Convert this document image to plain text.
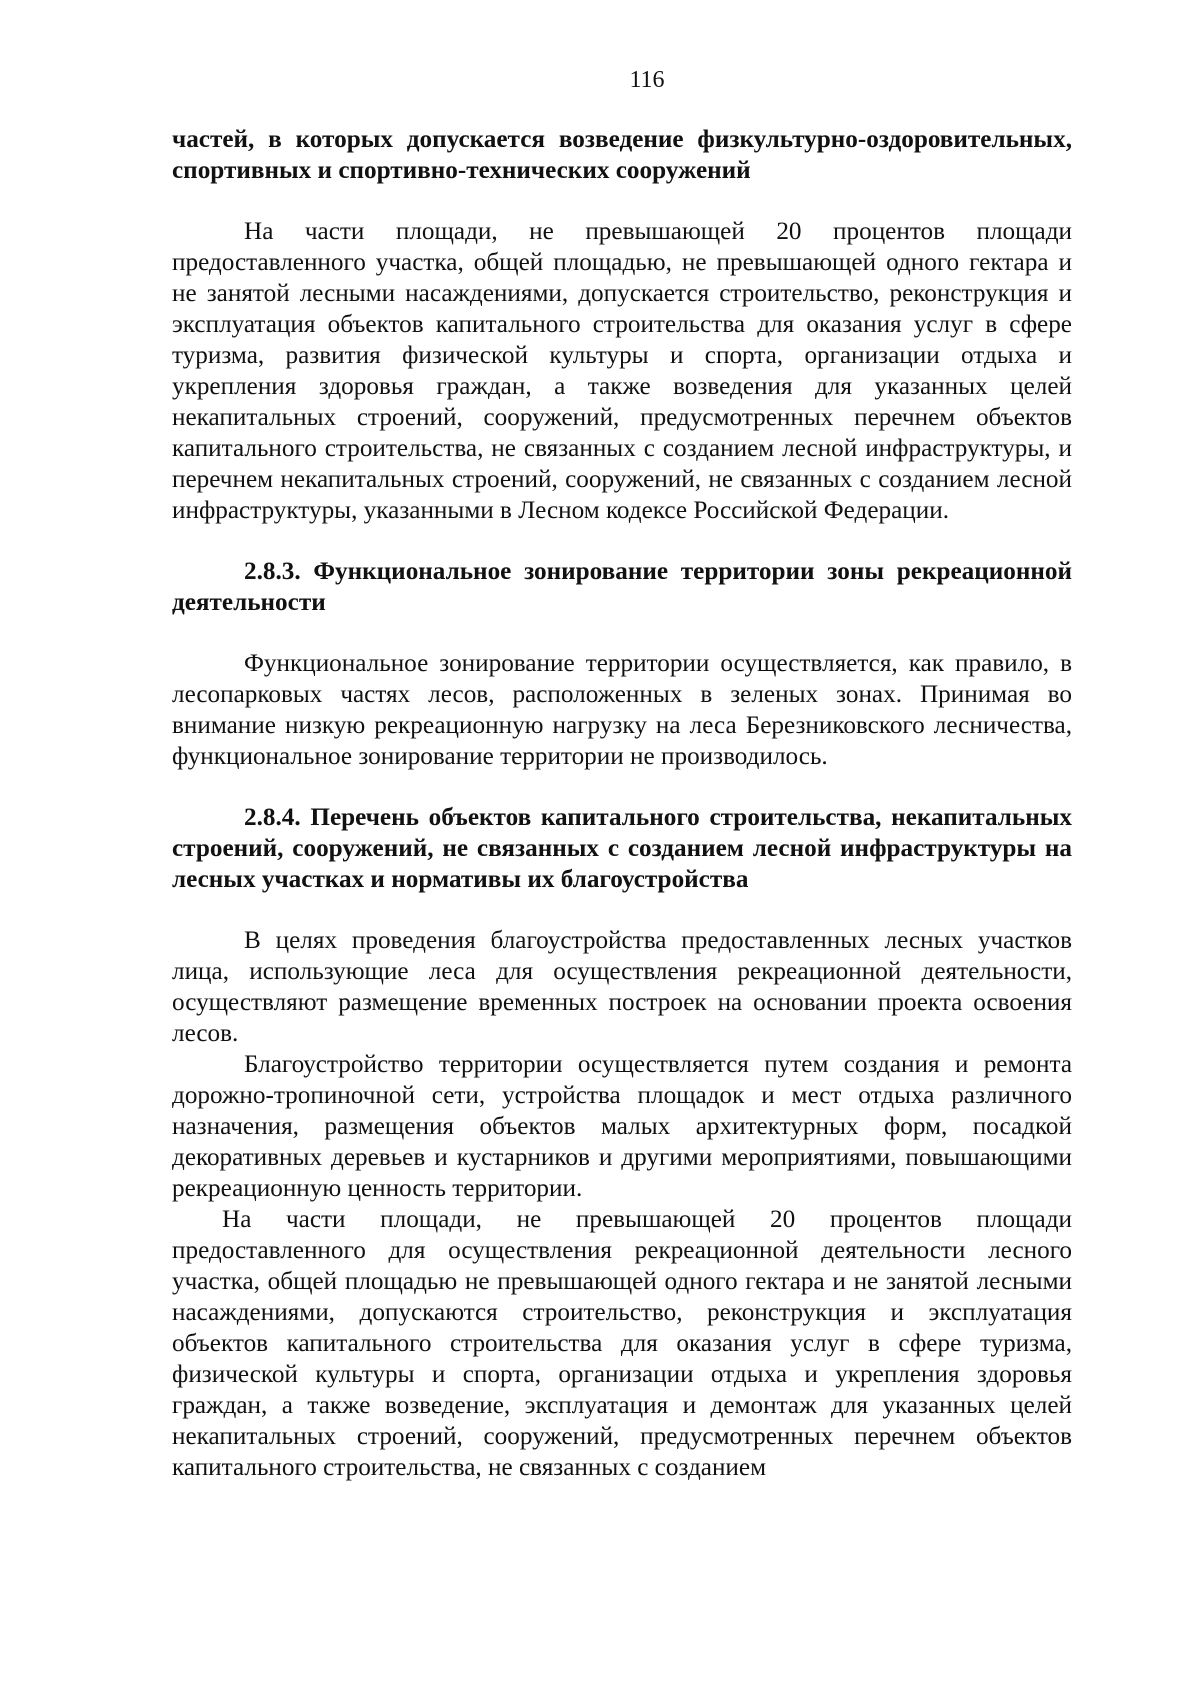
116

частей, в которых допускается возведение физкультурно-оздоровительных, спортивных и спортивно-технических сооружений

На части площади, не превышающей 20 процентов площади предоставленного участка, общей площадью, не превышающей одного гектара и не занятой лесными насаждениями, допускается строительство, реконструкция и эксплуатация объектов капитального строительства для оказания услуг в сфере туризма, развития физической культуры и спорта, организации отдыха и укрепления здоровья граждан, а также возведения для указанных целей некапитальных строений, сооружений, предусмотренных перечнем объектов капитального строительства, не связанных с созданием лесной инфраструктуры, и перечнем некапитальных строений, сооружений, не связанных с созданием лесной инфраструктуры, указанными в Лесном кодексе Российской Федерации.

2.8.3. Функциональное зонирование территории зоны рекреационной деятельности

Функциональное зонирование территории осуществляется, как правило, в лесопарковых частях лесов, расположенных в зеленых зонах. Принимая во внимание низкую рекреационную нагрузку на леса Березниковского лесничества, функциональное зонирование территории не производилось.

2.8.4. Перечень объектов капитального строительства, некапитальных строений, сооружений, не связанных с созданием лесной инфраструктуры на лесных участках и нормативы их благоустройства

В целях проведения благоустройства предоставленных лесных участков лица, использующие леса для осуществления рекреационной деятельности, осуществляют размещение временных построек на основании проекта освоения лесов.

Благоустройство территории осуществляется путем создания и ремонта дорожно-тропиночной сети, устройства площадок и мест отдыха различного назначения, размещения объектов малых архитектурных форм, посадкой декоративных деревьев и кустарников и другими мероприятиями, повышающими рекреационную ценность территории.

На части площади, не превышающей 20 процентов площади предоставленного для осуществления рекреационной деятельности лесного участка, общей площадью не превышающей одного гектара и не занятой лесными насаждениями, допускаются строительство, реконструкция и эксплуатация объектов капитального строительства для оказания услуг в сфере туризма, физической культуры и спорта, организации отдыха и укрепления здоровья граждан, а также возведение, эксплуатация и демонтаж для указанных целей некапитальных строений, сооружений, предусмотренных перечнем объектов капитального строительства, не связанных с созданием
